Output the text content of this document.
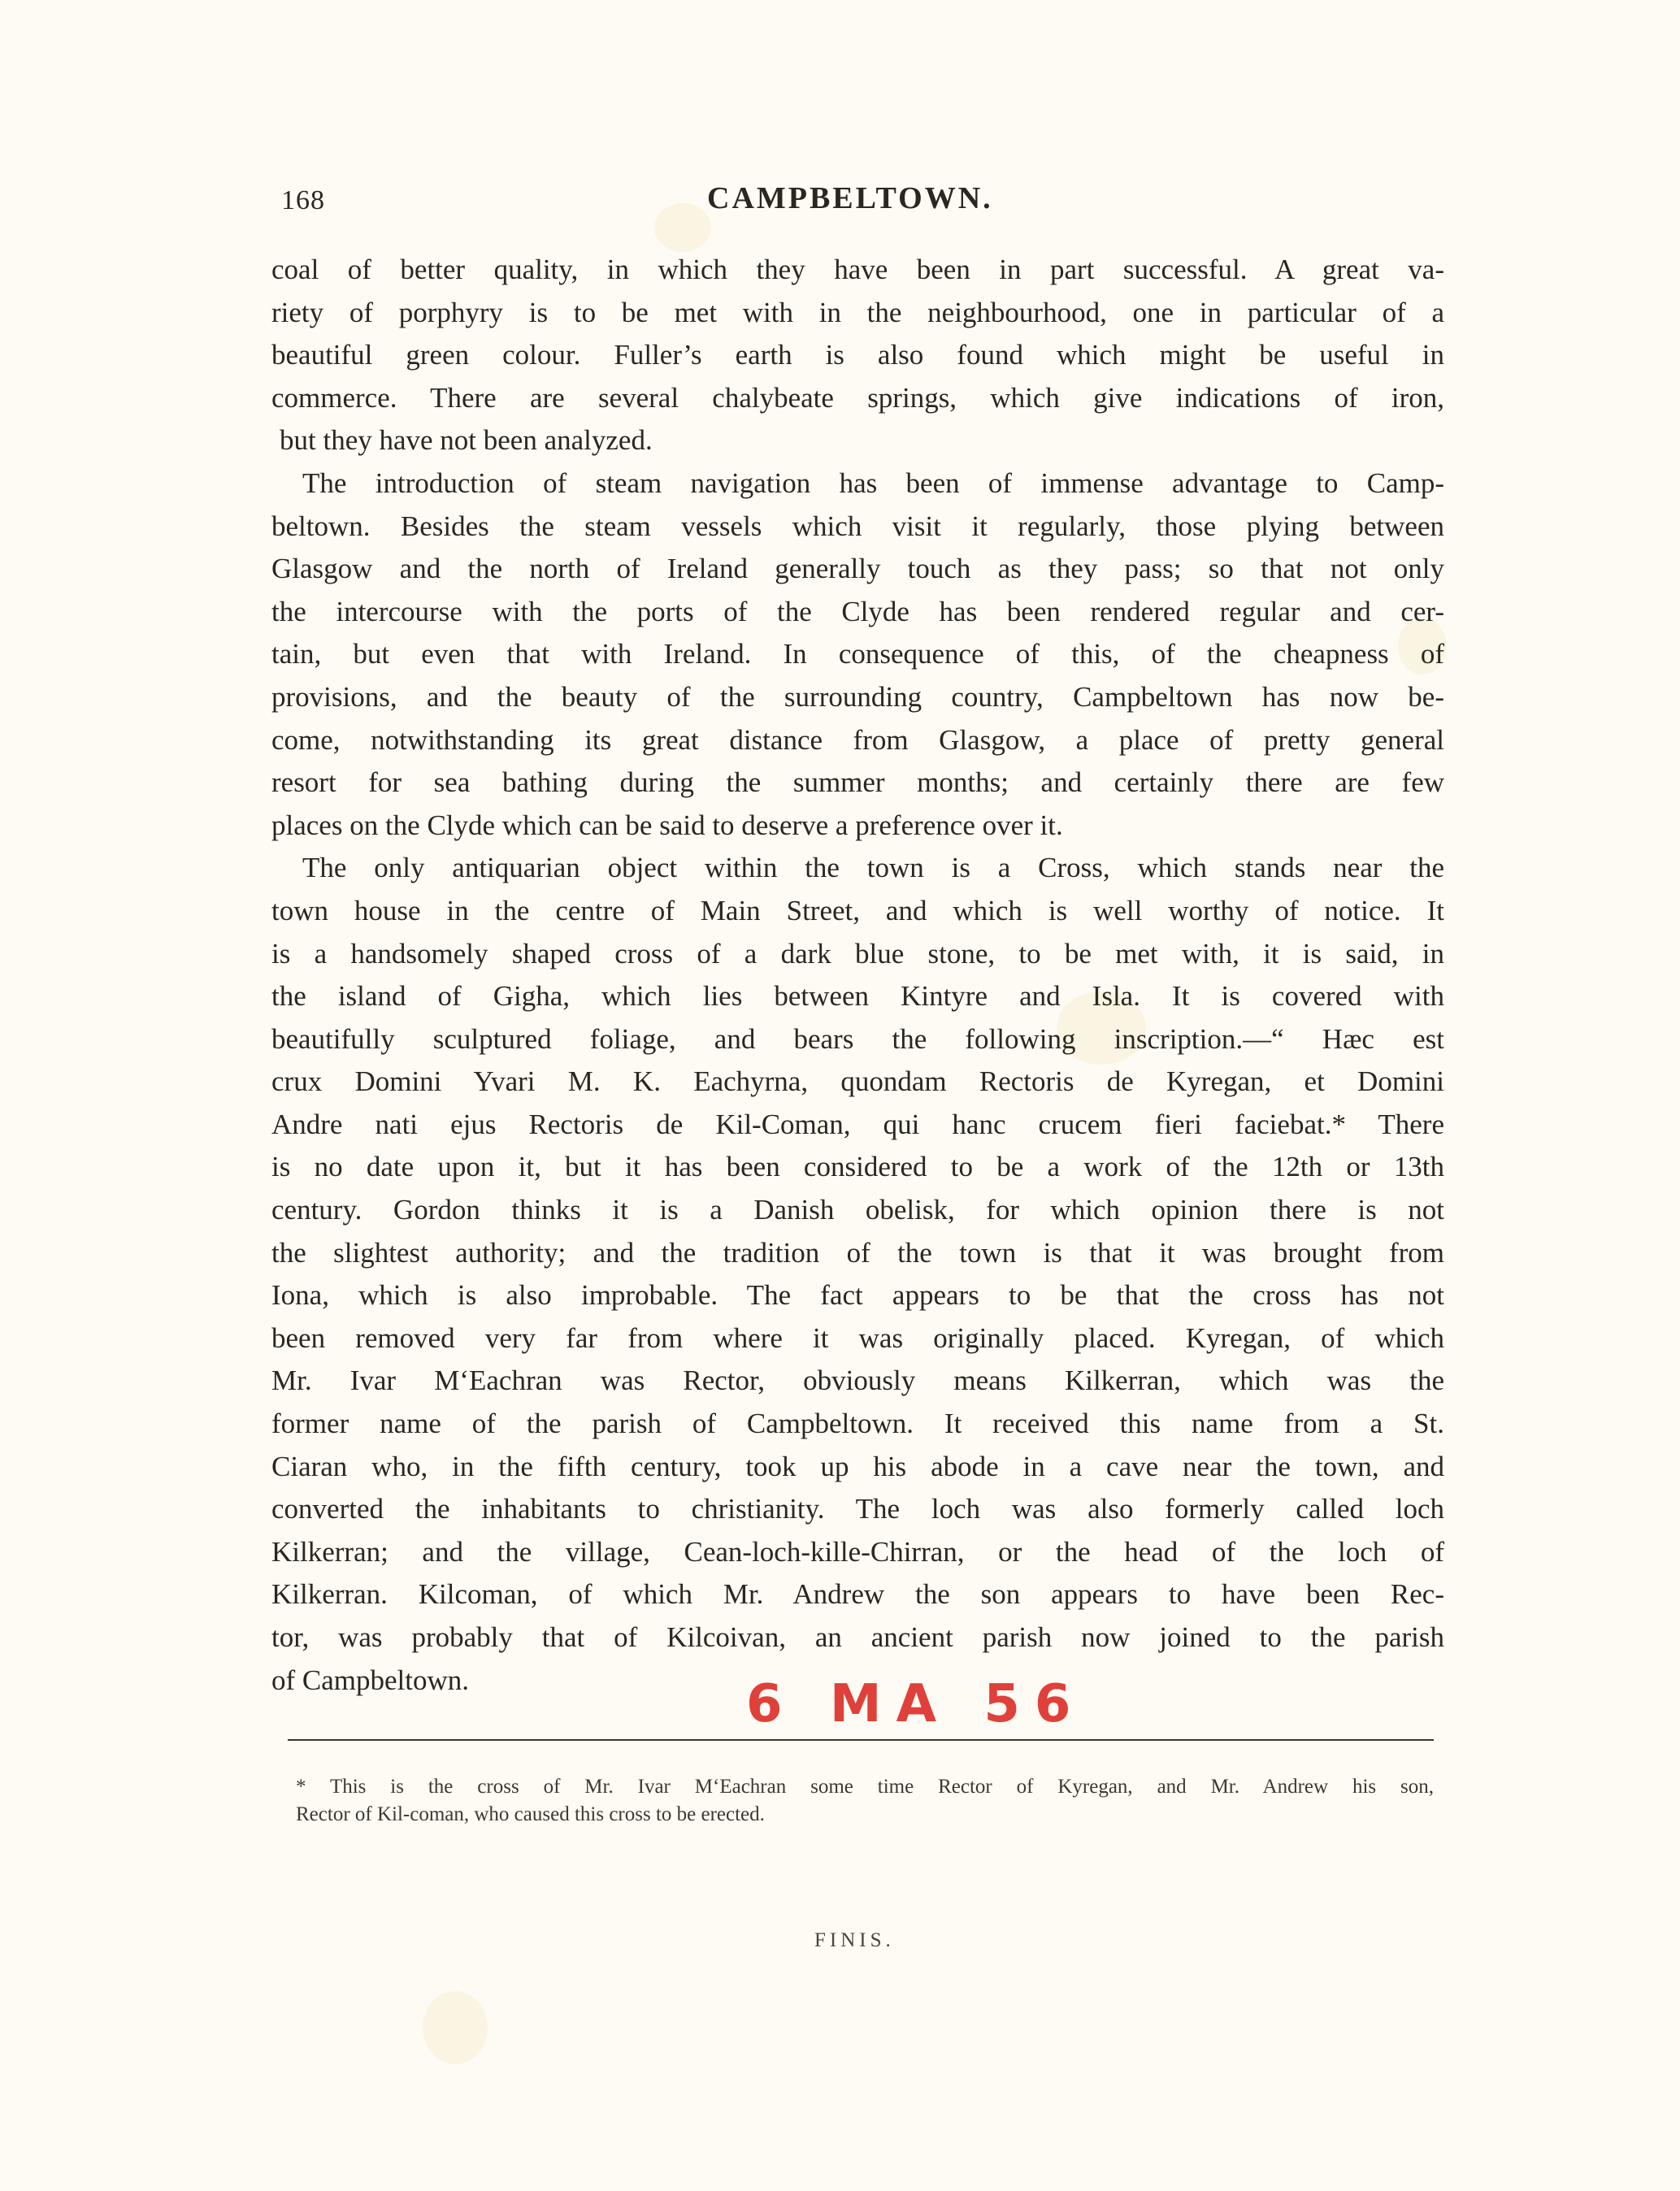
168	CAMPBELTOWN.
coal of better quality, in which they have been in part successful. A great va-
riety of porphyry is to be met with in the neighbourhood, one in particular of a
beautiful green colour. Fuller’s earth is also found which might be useful in
commerce. There are several chalybeate springs, which give indications of iron,
but they have not been analyzed.
The introduction of steam navigation has been of immense advantage to Camp-
beltown. Besides the steam vessels which visit it regularly, those plying between
Glasgow and the north of Ireland generally touch as they pass; so that not only
the intercourse with the ports of the Clyde has been rendered regular and cer-
tain, but even that with Ireland. In consequence of this, of the cheapness of
provisions, and the beauty of the surrounding country, Campbeltown has now be-
come, notwithstanding its great distance from Glasgow, a place of pretty general
resort for sea bathing during the summer months; and certainly there are few
places on the Clyde which can be said to deserve a preference over it.
The only antiquarian object within the town is a Cross, which stands near the
town house in the centre of Main Street, and which is well worthy of notice. It
is a handsomely shaped cross of a dark blue stone, to be met with, it is said, in
the island of Gigha, which lies between Kintyre and Isla. It is covered with
beautifully sculptured foliage, and bears the following inscription.—“ Hæc est
crux Domini Yvari M. K. Eachyrna, quondam Rectoris de Kyregan, et Domini
Andre nati ejus Rectoris de Kil-Coman, qui hanc crucem fieri faciebat.* There
is no date upon it, but it has been considered to be a work of the 12th or 13th
century. Gordon thinks it is a Danish obelisk, for which opinion there is not
the slightest authority; and the tradition of the town is that it was brought from
Iona, which is also improbable. The fact appears to be that the cross has not
been removed very far from where it was originally placed. Kyregan, of which
Mr. Ivar M‘Eachran was Rector, obviously means Kilkerran, which was the
former name of the parish of Campbeltown. It received this name from a St.
Ciaran who, in the fifth century, took up his abode in a cave near the town, and
converted the inhabitants to christianity. The loch was also formerly called loch
Kilkerran; and the village, Cean-loch-kille-Chirran, or the head of the loch of
Kilkerran. Kilcoman, of which Mr. Andrew the son appears to have been Rec-
tor, was probably that of Kilcoivan, an ancient parish now joined to the parish
of Campbeltown.	6 MA 56
* This is the cross of Mr. Ivar M‘Eachran some time Rector of Kyregan, and Mr. Andrew his son,
Rector of Kil-coman, who caused this cross to be erected.
FINIS.
